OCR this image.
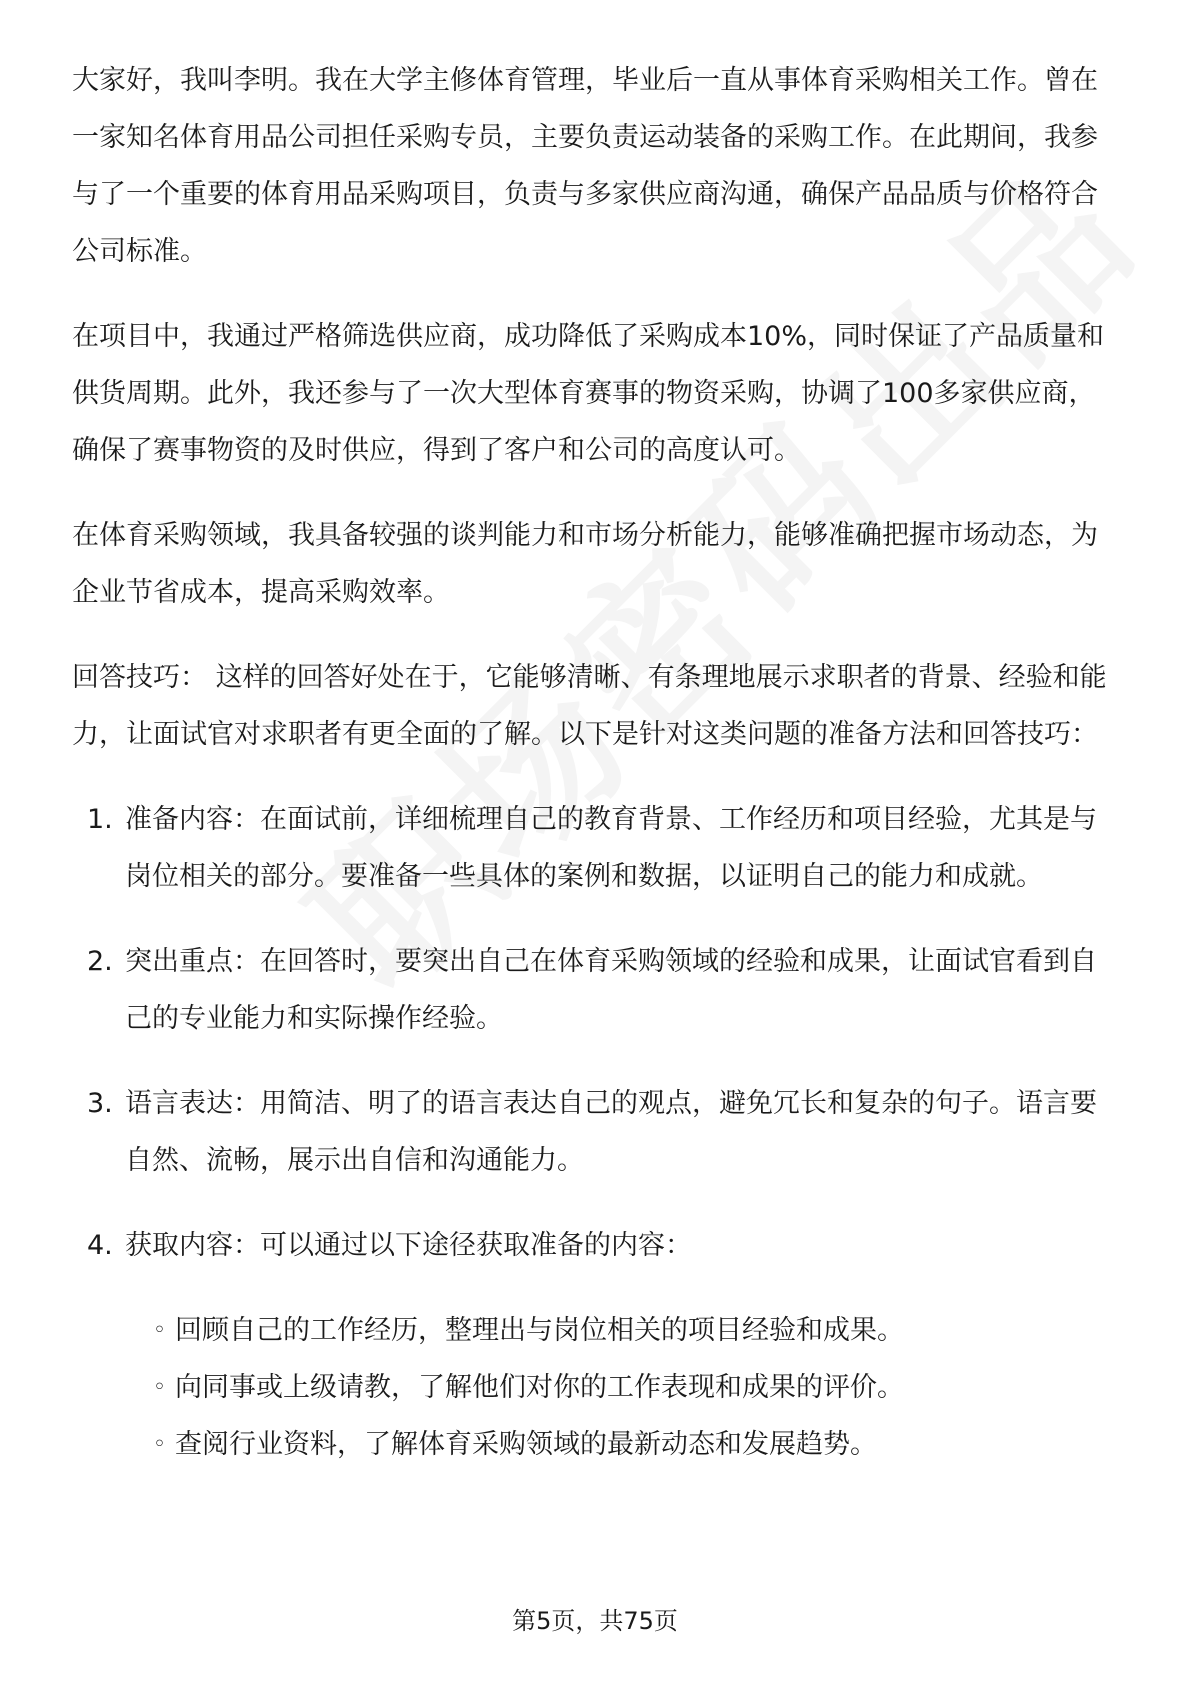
大家好，我叫李明。我在大学主修体育管理，毕业后一直从事体育采购相关工作。曾在一家知名体育用品公司担任采购专员，主要负责运动装备的采购工作。在此期间，我参与了一个重要的体育用品采购项目，负责与多家供应商沟通，确保产品品质与价格符合公司标准。

在项目中，我通过严格筛选供应商，成功降低了采购成本10%，同时保证了产品质量和供货周期。此外，我还参与了一次大型体育赛事的物资采购，协调了100多家供应商，确保了赛事物资的及时供应，得到了客户和公司的高度认可。

在体育采购领域，我具备较强的谈判能力和市场分析能力，能够准确把握市场动态，为企业节省成本，提高采购效率。

回答技巧： 这样的回答好处在于，它能够清晰、有条理地展示求职者的背景、经验和能力，让面试官对求职者有更全面的了解。以下是针对这类问题的准备方法和回答技巧：

1. 准备内容：在面试前，详细梳理自己的教育背景、工作经历和项目经验，尤其是与岗位相关的部分。要准备一些具体的案例和数据，以证明自己的能力和成就。
2. 突出重点：在回答时，要突出自己在体育采购领域的经验和成果，让面试官看到自己的专业能力和实际操作经验。
3. 语言表达：用简洁、明了的语言表达自己的观点，避免冗长和复杂的句子。语言要自然、流畅，展示出自信和沟通能力。
4. 获取内容：可以通过以下途径获取准备的内容：
◦ 回顾自己的工作经历，整理出与岗位相关的项目经验和成果。
◦ 向同事或上级请教，了解他们对你的工作表现和成果的评价。
◦ 查阅行业资料，了解体育采购领域的最新动态和发展趋势。
第5页，共75页
